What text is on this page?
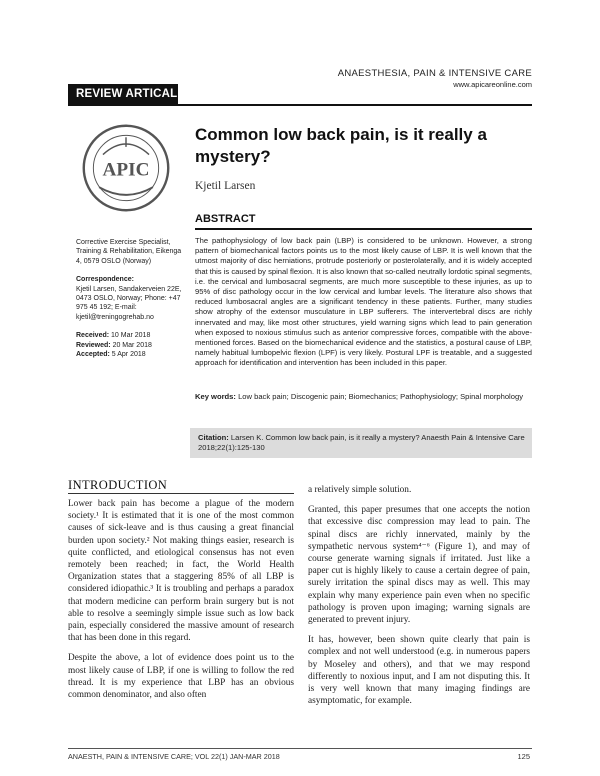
ANAESTHESIA, PAIN & INTENSIVE CARE
www.apicareonline.com
REVIEW ARTICAL
APIC
Common low back pain, is it really a
mystery?
Kjetil Larsen
ABSTRACT

Corrective Exercise Specialist, Training & Rehabilitation, Eikenga 4, 0579 OSLO (Norway)

Correspondence:

Kjetil Larsen, Sandakerveien 22E, 0473 OSLO, Norway; Phone: +47 975 45 192; E-mail: kjetil@treningogrehab.no

Received: 10 Mar 2018

Reviewed: 20 Mar 2018

Accepted: 5 Apr 2018

The pathophysiology of low back pain (LBP) is considered to be unknown. However, a strong pattern of biomechanical factors points us to the most likely cause of LBP. It is well known that the utmost majority of disc herniations, protrude posteriorly or posterolaterally, and it is widely accepted that this is caused by spinal flexion. It is also known that so-called neutrally lordotic spinal segments, i.e. the cervical and lumbosacral segments, are much more susceptible to these injuries, as up to 95% of disc pathology occur in the low cervical and lumbar levels. The literature also shows that reduced lumbosacral angles are a significant tendency in these patients. Further, many studies show atrophy of the extensor musculature in LBP sufferers. The intervertebral discs are richly innervated and may, like most other structures, yield warning signs which lead to pain generation when exposed to noxious stimulus such as anterior compressive forces, compatible with the above-mentioned forces. Based on the biomechanical evidence and the statistics, a postural cause of LBP, namely habitual lumbopelvic flexion (LPF) is very likely. Postural LPF is treatable, and a suggested approach for identification and intervention has been included in this paper.
Key words: Low back pain; Discogenic pain; Biomechanics; Pathophysiology; Spinal morphology
Citation: Larsen K. Common low back pain, is it really a mystery? Anaesth Pain & Intensive Care 2018;22(1):125-130
INTRODUCTION

Lower back pain has become a plague of the modern society.¹ It is estimated that it is one of the most common causes of sick-leave and is thus causing a great financial burden upon society.² Not making things easier, research is quite conflicted, and etiological consensus has not even remotely been reached; in fact, the World Health Organization states that a staggering 85% of all LBP is considered idiopathic.³ It is troubling and perhaps a paradox that modern medicine can perform brain surgery but is not able to resolve a seemingly simple issue such as low back pain, especially considered the massive amount of research that has been done in this regard.

Despite the above, a lot of evidence does point us to the most likely cause of LBP, if one is willing to follow the red thread. It is my experience that LBP has an obvious common denominator, and also often

a relatively simple solution.

Granted, this paper presumes that one accepts the notion that excessive disc compression may lead to pain. The spinal discs are richly innervated, mainly by the sympathetic nervous system⁴⁻⁶ (Figure 1), and may of course generate warning signals if irritated. Just like a paper cut is highly likely to cause a certain degree of pain, surely irritation the spinal discs may as well. This may explain why many experience pain even when no specific pathology is proven upon imaging; warning signals are generated to prevent injury.

It has, however, been shown quite clearly that pain is complex and not well understood (e.g. in numerous papers by Moseley and others), and that we may respond differently to noxious input, and I am not disputing this. It is very well known that many imaging findings are asymptomatic, for example.

ANAESTH, PAIN & INTENSIVE CARE; VOL 22(1) JAN-MAR 2018	125
